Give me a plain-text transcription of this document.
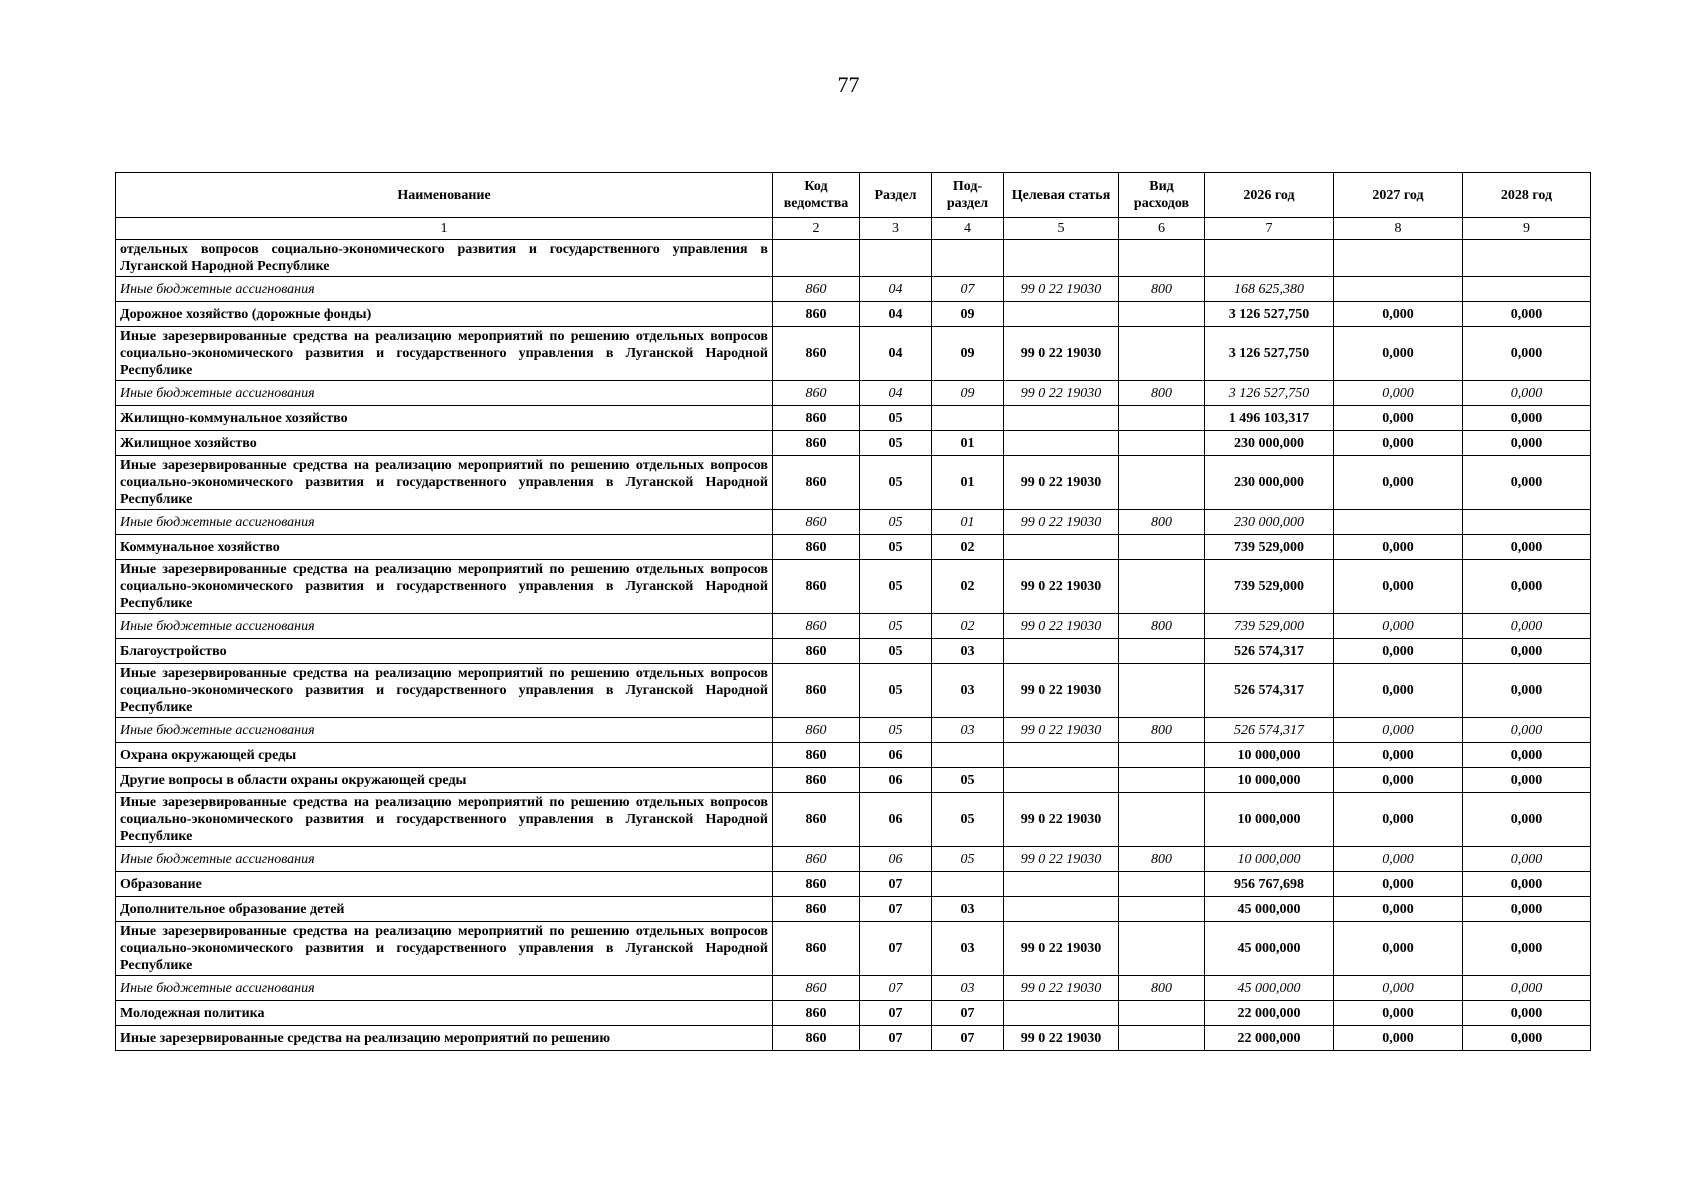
77
Наименование	Код ведомства	Раздел	Под-раздел	Целевая статья	Вид расходов	2026 год	2027 год	2028 год
1	2	3	4	5	6	7	8	9
отдельных вопросов социально-экономического развития и государственного управления в Луганской Народной Республике								
Иные бюджетные ассигнования	860	04	07	99 0 22 19030	800	168 625,380		
Дорожное хозяйство (дорожные фонды)	860	04	09			3 126 527,750	0,000	0,000
Иные зарезервированные средства на реализацию мероприятий по решению отдельных вопросов социально-экономического развития и государственного управления в Луганской Народной Республике	860	04	09	99 0 22 19030		3 126 527,750	0,000	0,000
Иные бюджетные ассигнования	860	04	09	99 0 22 19030	800	3 126 527,750	0,000	0,000
Жилищно-коммунальное хозяйство	860	05				1 496 103,317	0,000	0,000
Жилищное хозяйство	860	05	01			230 000,000	0,000	0,000
Иные зарезервированные средства на реализацию мероприятий по решению отдельных вопросов социально-экономического развития и государственного управления в Луганской Народной Республике	860	05	01	99 0 22 19030		230 000,000	0,000	0,000
Иные бюджетные ассигнования	860	05	01	99 0 22 19030	800	230 000,000		
Коммунальное хозяйство	860	05	02			739 529,000	0,000	0,000
Иные зарезервированные средства на реализацию мероприятий по решению отдельных вопросов социально-экономического развития и государственного управления в Луганской Народной Республике	860	05	02	99 0 22 19030		739 529,000	0,000	0,000
Иные бюджетные ассигнования	860	05	02	99 0 22 19030	800	739 529,000	0,000	0,000
Благоустройство	860	05	03			526 574,317	0,000	0,000
Иные зарезервированные средства на реализацию мероприятий по решению отдельных вопросов социально-экономического развития и государственного управления в Луганской Народной Республике	860	05	03	99 0 22 19030		526 574,317	0,000	0,000
Иные бюджетные ассигнования	860	05	03	99 0 22 19030	800	526 574,317	0,000	0,000
Охрана окружающей среды	860	06				10 000,000	0,000	0,000
Другие вопросы в области охраны окружающей среды	860	06	05			10 000,000	0,000	0,000
Иные зарезервированные средства на реализацию мероприятий по решению отдельных вопросов социально-экономического развития и государственного управления в Луганской Народной Республике	860	06	05	99 0 22 19030		10 000,000	0,000	0,000
Иные бюджетные ассигнования	860	06	05	99 0 22 19030	800	10 000,000	0,000	0,000
Образование	860	07				956 767,698	0,000	0,000
Дополнительное образование детей	860	07	03			45 000,000	0,000	0,000
Иные зарезервированные средства на реализацию мероприятий по решению отдельных вопросов социально-экономического развития и государственного управления в Луганской Народной Республике	860	07	03	99 0 22 19030		45 000,000	0,000	0,000
Иные бюджетные ассигнования	860	07	03	99 0 22 19030	800	45 000,000	0,000	0,000
Молодежная политика	860	07	07			22 000,000	0,000	0,000
Иные зарезервированные средства на реализацию мероприятий по решению	860	07	07	99 0 22 19030		22 000,000	0,000	0,000
